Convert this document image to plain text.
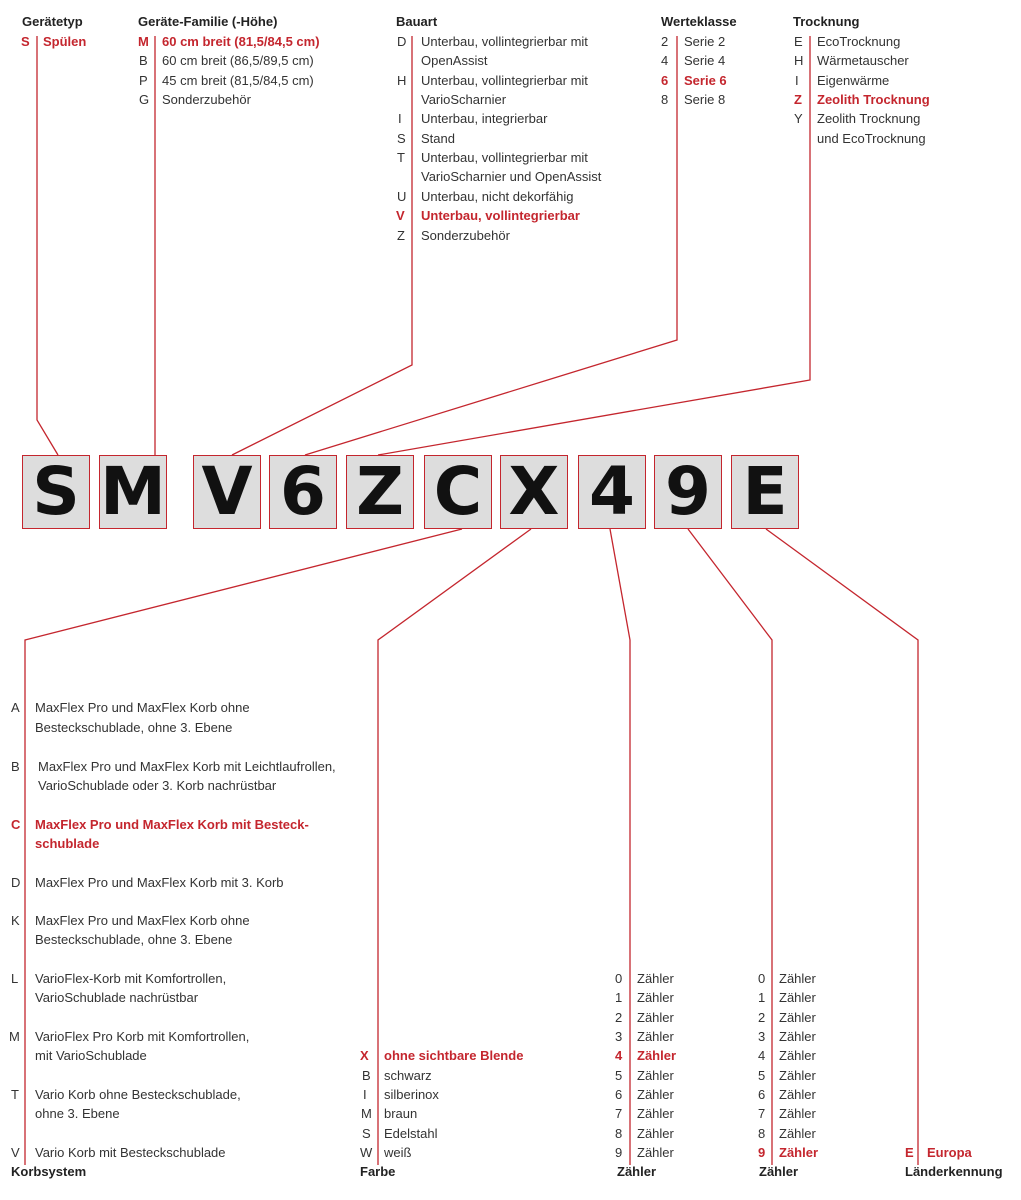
Gerätetyp	Geräte-Familie (-Höhe)	Bauart	Werteklasse	Trocknung
S Spülen	M 60 cm breit (81,5/84,5 cm)
B 60 cm breit (86,5/89,5 cm)
P 45 cm breit (81,5/84,5 cm)
G Sonderzubehör
D Unterbau, vollintegrierbar mit
OpenAssist
H Unterbau, vollintegrierbar mit
VarioScharnier
I Unterbau, integrierbar
S Stand
T Unterbau, vollintegrierbar mit
VarioScharnier und OpenAssist
U Unterbau, nicht dekorfähig
V Unterbau, vollintegrierbar
Z Sonderzubehör
2 Serie 2
4 Serie 4
6 Serie 6
8 Serie 8
E EcoTrocknung
H Wärmetauscher
I Eigenwärme
Z Zeolith Trocknung
Y Zeolith Trocknung
und EcoTrocknung
S M V 6 Z C X 4 9 E
A MaxFlex Pro und MaxFlex Korb ohne
Besteckschublade, ohne 3. Ebene
B MaxFlex Pro und MaxFlex Korb mit Leichtlaufrollen,
VarioSchublade oder 3. Korb nachrüstbar
C MaxFlex Pro und MaxFlex Korb mit Besteck-
schublade
D MaxFlex Pro und MaxFlex Korb mit 3. Korb
K MaxFlex Pro und MaxFlex Korb ohne
Besteckschublade, ohne 3. Ebene
L VarioFlex-Korb mit Komfortrollen,
VarioSchublade nachrüstbar
M VarioFlex Pro Korb mit Komfortrollen,
mit VarioSchublade
T Vario Korb ohne Besteckschublade,
ohne 3. Ebene
V Vario Korb mit Besteckschublade
Korbsystem
X ohne sichtbare Blende
B schwarz
I silberinox
M braun
S Edelstahl
W weiß
Farbe
0 Zähler
1 Zähler
2 Zähler
3 Zähler
4 Zähler
5 Zähler
6 Zähler
7 Zähler
8 Zähler
9 Zähler
Zähler
0 Zähler
1 Zähler
2 Zähler
3 Zähler
4 Zähler
5 Zähler
6 Zähler
7 Zähler
8 Zähler
9 Zähler
Zähler
E Europa
Länderkennung
